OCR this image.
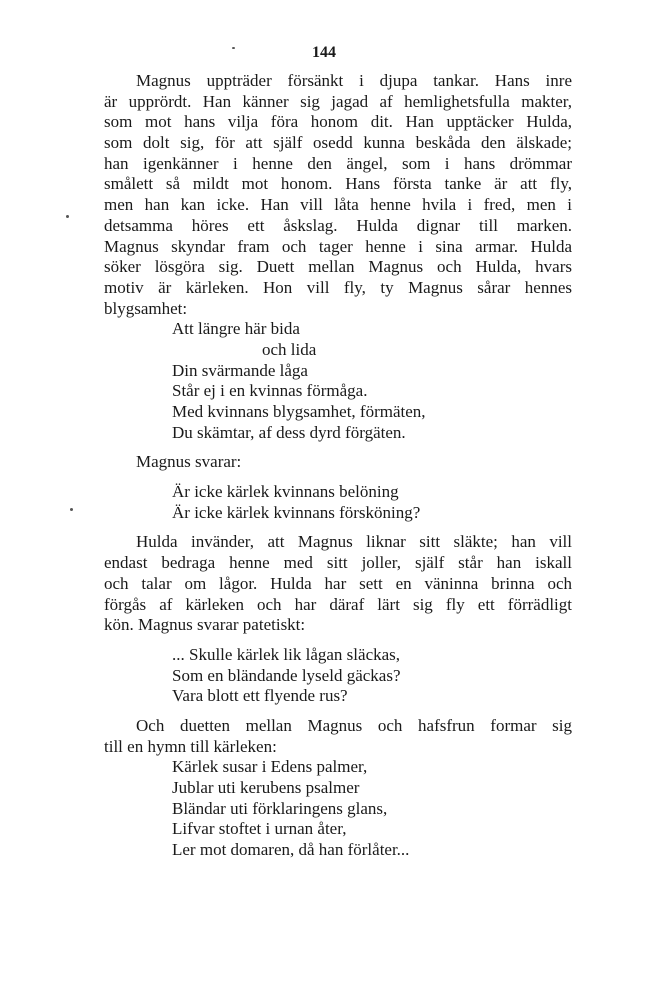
144
Magnus uppträder försänkt i djupa tankar. Hans inre
är upprördt. Han känner sig jagad af hemlighetsfulla makter,
som mot hans vilja föra honom dit. Han upptäcker Hulda,
som dolt sig, för att själf osedd kunna beskåda den älskade;
han igenkänner i henne den ängel, som i hans drömmar
smålett så mildt mot honom. Hans första tanke är att fly,
men han kan icke. Han vill låta henne hvila i fred, men i
detsamma höres ett åskslag. Hulda dignar till marken.
Magnus skyndar fram och tager henne i sina armar. Hulda
söker lösgöra sig. Duett mellan Magnus och Hulda, hvars
motiv är kärleken. Hon vill fly, ty Magnus sårar hennes
blygsamhet:
Att längre här bida
och lida
Din svärmande låga
Står ej i en kvinnas förmåga.
Med kvinnans blygsamhet, förmäten,
Du skämtar, af dess dyrd förgäten.
Magnus svarar:
Är icke kärlek kvinnans belöning
Är icke kärlek kvinnans försköning?
Hulda invänder, att Magnus liknar sitt släkte; han vill
endast bedraga henne med sitt joller, själf står han iskall
och talar om lågor. Hulda har sett en väninna brinna och
förgås af kärleken och har däraf lärt sig fly ett förrädligt
kön. Magnus svarar patetiskt:
... Skulle kärlek lik lågan släckas,
Som en bländande lyseld gäckas?
Vara blott ett flyende rus?
Och duetten mellan Magnus och hafsfrun formar sig
till en hymn till kärleken:
Kärlek susar i Edens palmer,
Jublar uti kerubens psalmer
Bländar uti förklaringens glans,
Lifvar stoftet i urnan åter,
Ler mot domaren, då han förlåter...
